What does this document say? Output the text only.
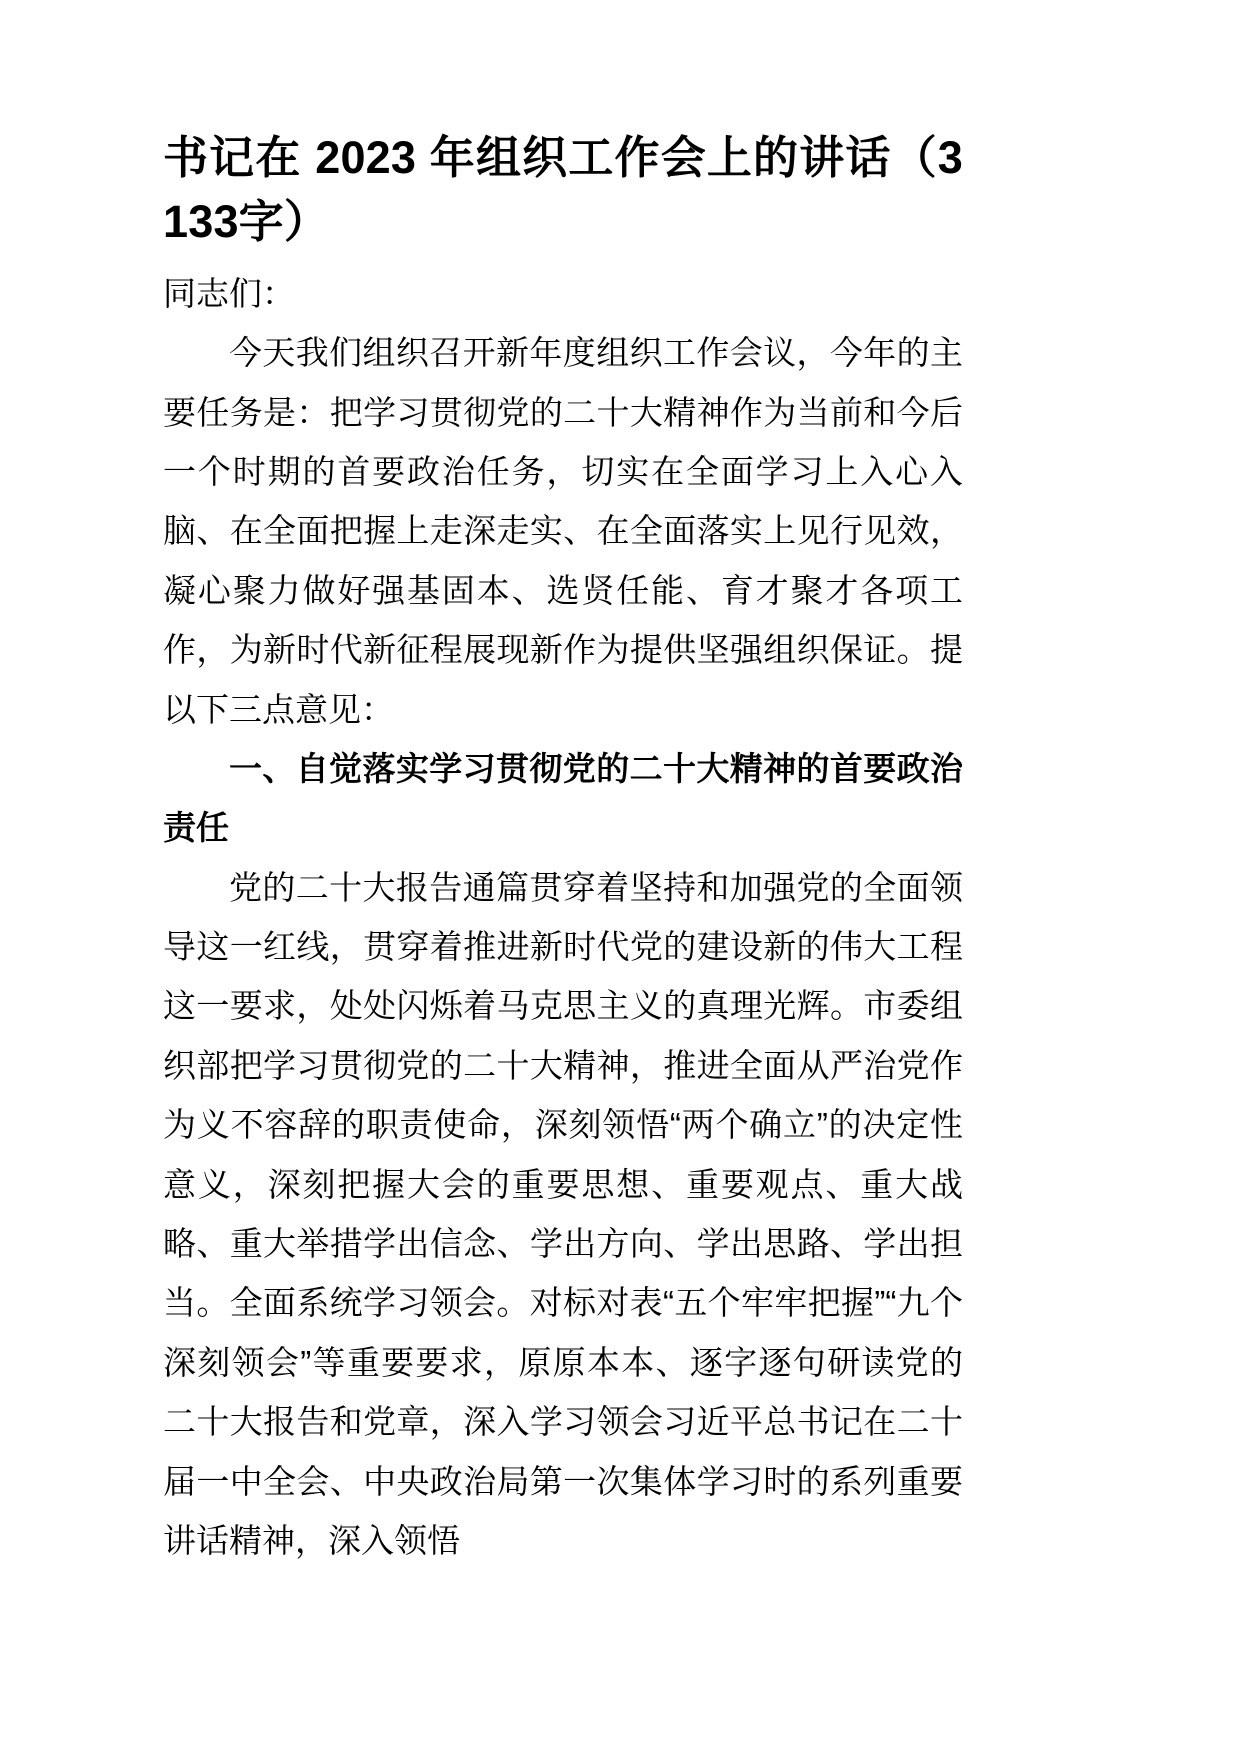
书记在 2023 年组织工作会上的讲话（3133字）

同志们：

今天我们组织召开新年度组织工作会议，今年的主要任务是：把学习贯彻党的二十大精神作为当前和今后一个时期的首要政治任务，切实在全面学习上入心入脑、在全面把握上走深走实、在全面落实上见行见效，凝心聚力做好强基固本、选贤任能、育才聚才各项工作，为新时代新征程展现新作为提供坚强组织保证。提以下三点意见：

一、自觉落实学习贯彻党的二十大精神的首要政治责任

党的二十大报告通篇贯穿着坚持和加强党的全面领导这一红线，贯穿着推进新时代党的建设新的伟大工程这一要求，处处闪烁着马克思主义的真理光辉。市委组织部把学习贯彻党的二十大精神，推进全面从严治党作为义不容辞的职责使命，深刻领悟“两个确立”的决定性意义，深刻把握大会的重要思想、重要观点、重大战略、重大举措学出信念、学出方向、学出思路、学出担当。全面系统学习领会。对标对表“五个牢牢把握”“九个深刻领会”等重要要求，原原本本、逐字逐句研读党的二十大报告和党章，深入学习领会习近平总书记在二十届一中全会、中央政治局第一次集体学习时的系列重要讲话精神，深入领悟
